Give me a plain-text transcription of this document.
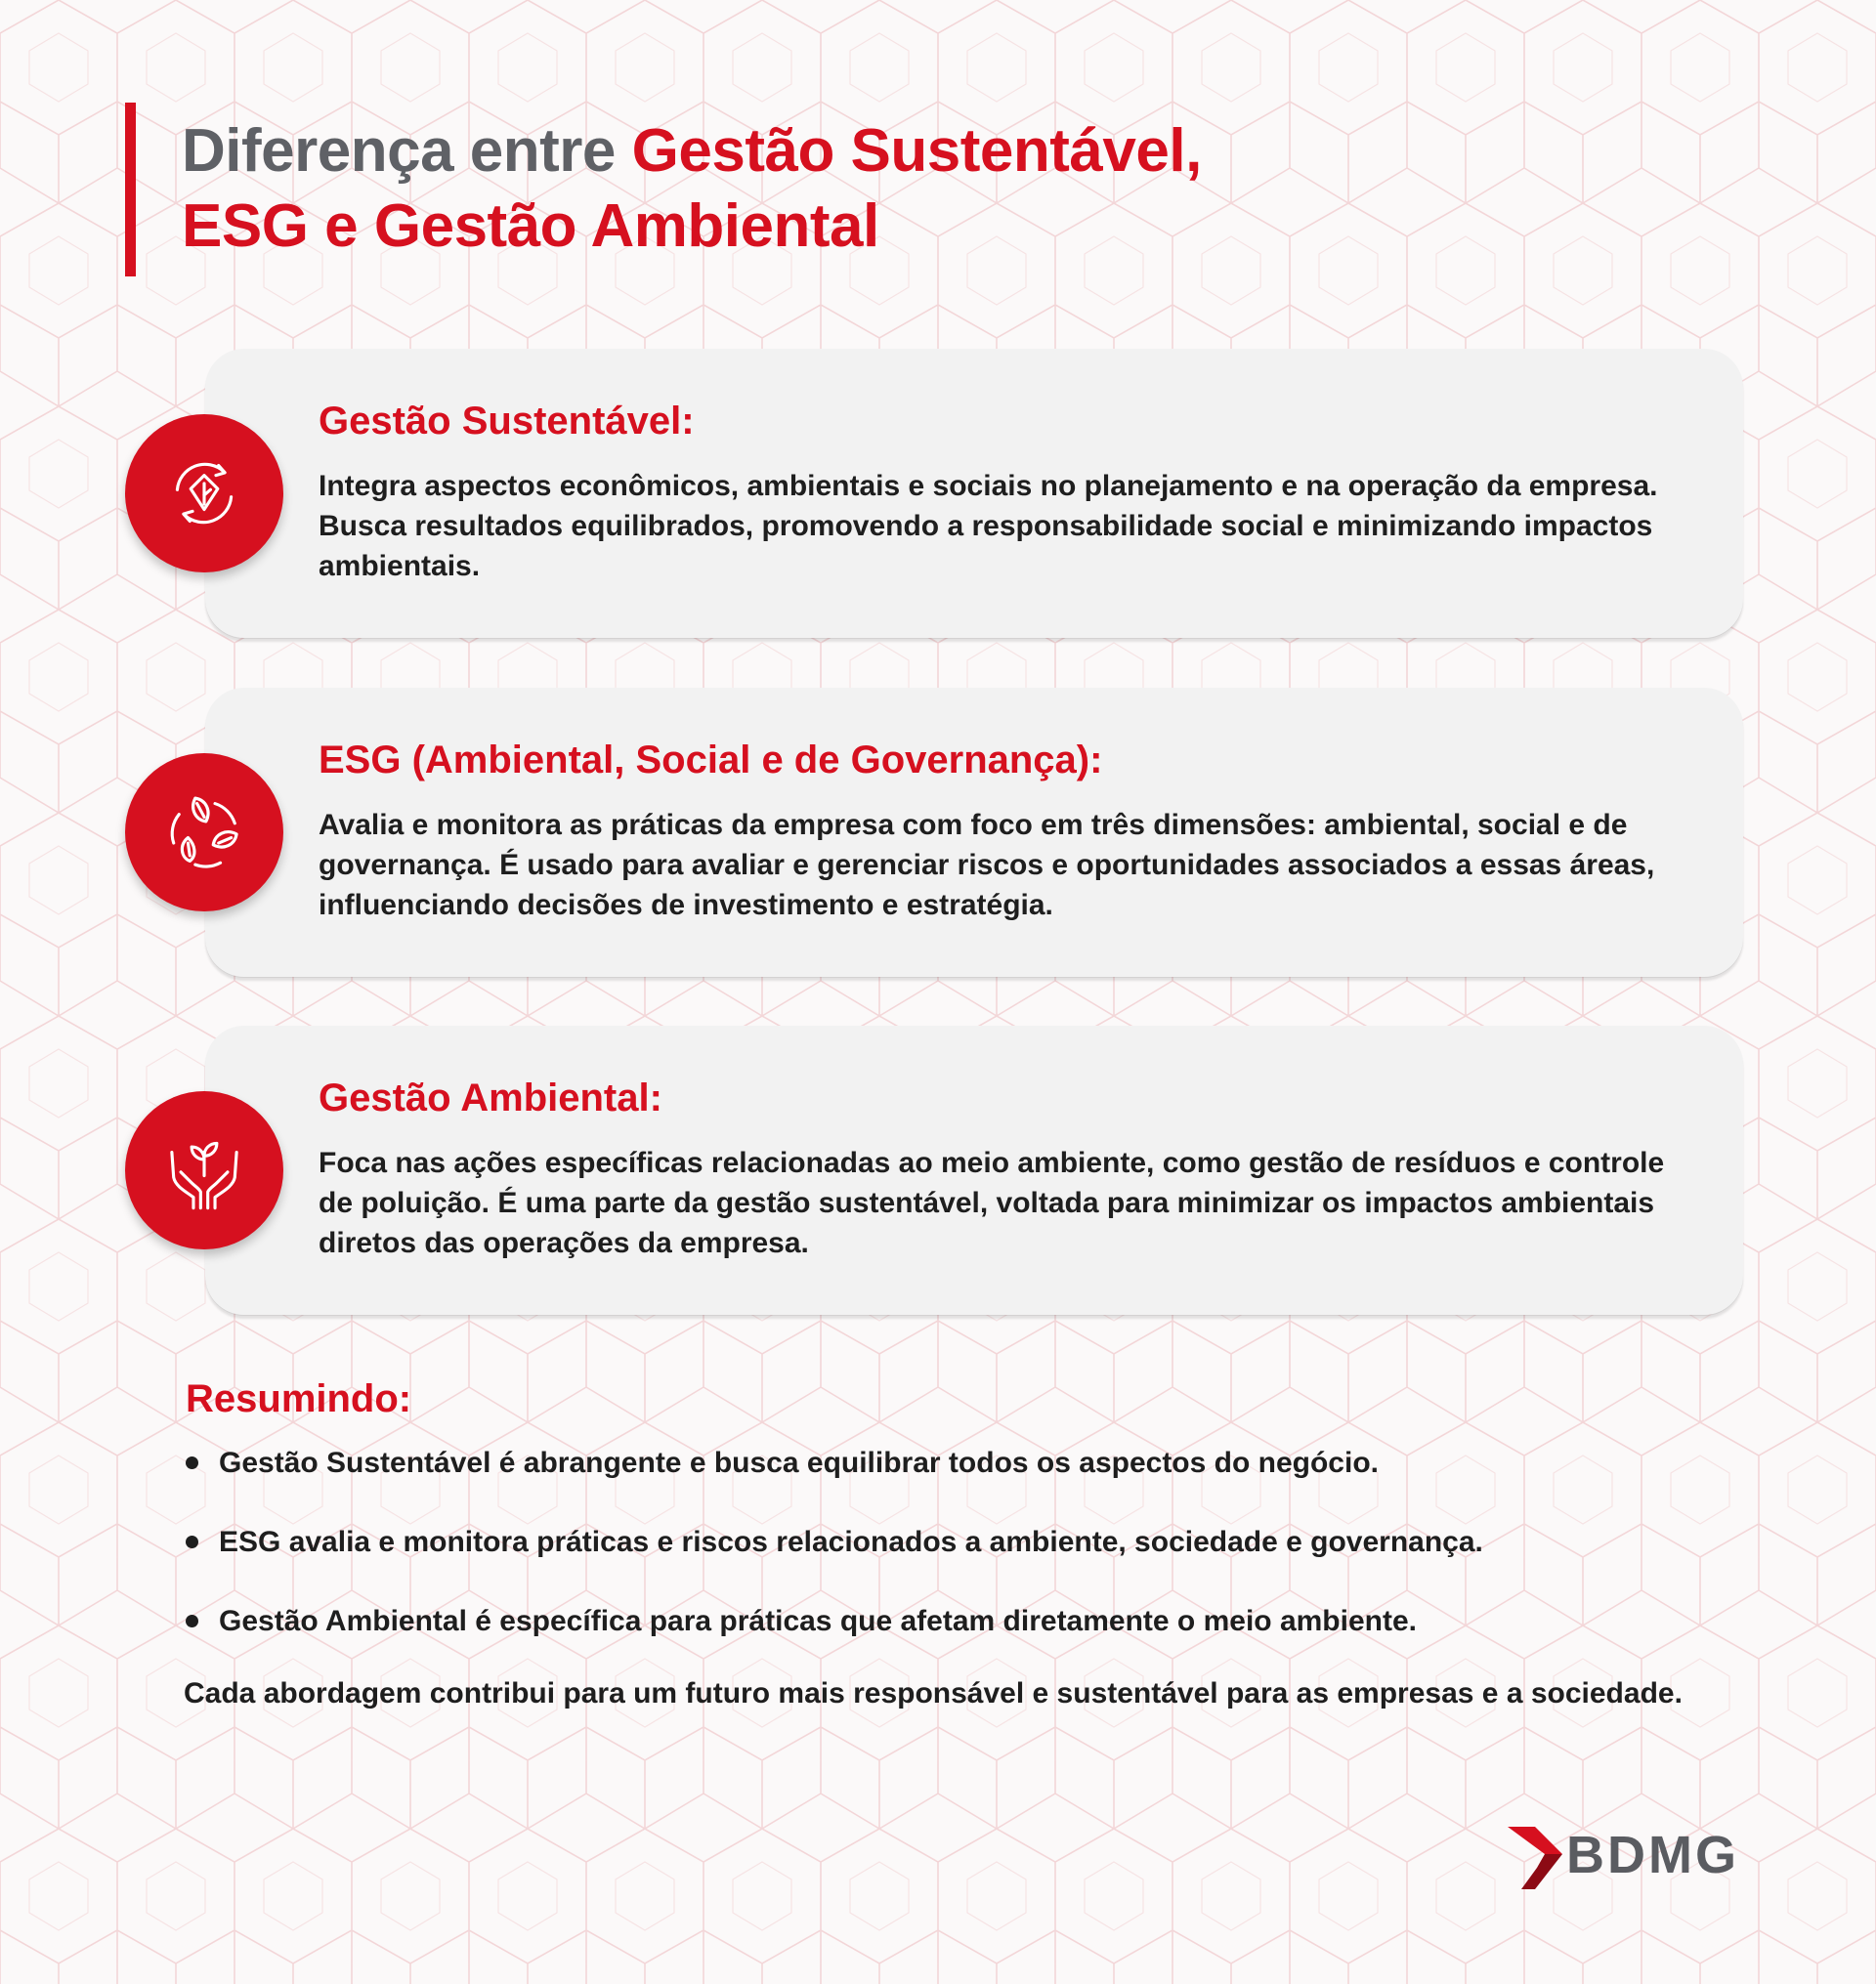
Diferença entre Gestão Sustentável,
ESG e Gestão Ambiental
Gestão Sustentável:

Integra aspectos econômicos, ambientais e sociais no planejamento e na operação da empresa. Busca resultados equilibrados, promovendo a responsabilidade social e minimizando impactos ambientais.

ESG (Ambiental, Social e de Governança):

Avalia e monitora as práticas da empresa com foco em três dimensões: ambiental, social e de governança. É usado para avaliar e gerenciar riscos e oportunidades associados a essas áreas, influenciando decisões de investimento e estratégia.

Gestão Ambiental:

Foca nas ações específicas relacionadas ao meio ambiente, como gestão de resíduos e controle de poluição. É uma parte da gestão sustentável, voltada para minimizar os impactos ambientais diretos das operações da empresa.

Resumindo:
Gestão Sustentável é abrangente e busca equilibrar todos os aspectos do negócio.
ESG avalia e monitora práticas e riscos relacionados a ambiente, sociedade e governança.
Gestão Ambiental é específica para práticas que afetam diretamente o meio ambiente.

Cada abordagem contribui para um futuro mais responsável e sustentável para as empresas e a sociedade.

BDMG
